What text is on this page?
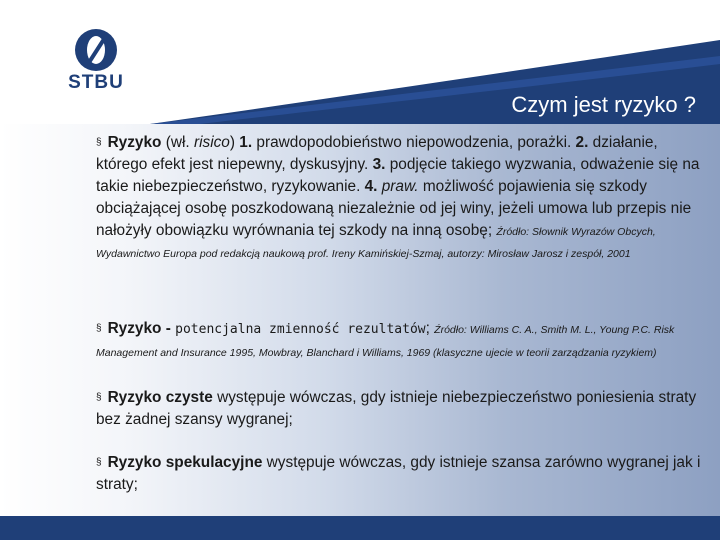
STBU
Czym jest ryzyko ?

§ Ryzyko (wł. risico) 1. prawdopodobieństwo niepowodzenia, porażki. 2. działanie, którego efekt jest niepewny, dyskusyjny. 3. podjęcie takiego wyzwania, odważenie się na takie niebezpieczeństwo, ryzykowanie. 4. praw. możliwość pojawienia się szkody obciążającej osobę poszkodowaną niezależnie od jej winy, jeżeli umowa lub przepis nie nałożyły obowiązku wyrównania tej szkody na inną osobę; Źródło: Słownik Wyrazów Obcych, Wydawnictwo Europa pod redakcją naukową prof. Ireny Kamińskiej-Szmaj, autorzy: Mirosław Jarosz i zespół, 2001

§ Ryzyko - potencjalna zmienność rezultatów; Źródło: Williams C. A., Smith M. L., Young P.C. Risk Management and Insurance 1995, Mowbray, Blanchard i Williams, 1969 (klasyczne ujecie w teorii zarządzania ryzykiem)

§ Ryzyko czyste występuje wówczas, gdy istnieje niebezpieczeństwo poniesienia straty bez żadnej szansy wygranej;

§ Ryzyko spekulacyjne występuje wówczas, gdy istnieje szansa zarówno wygranej jak i straty;
